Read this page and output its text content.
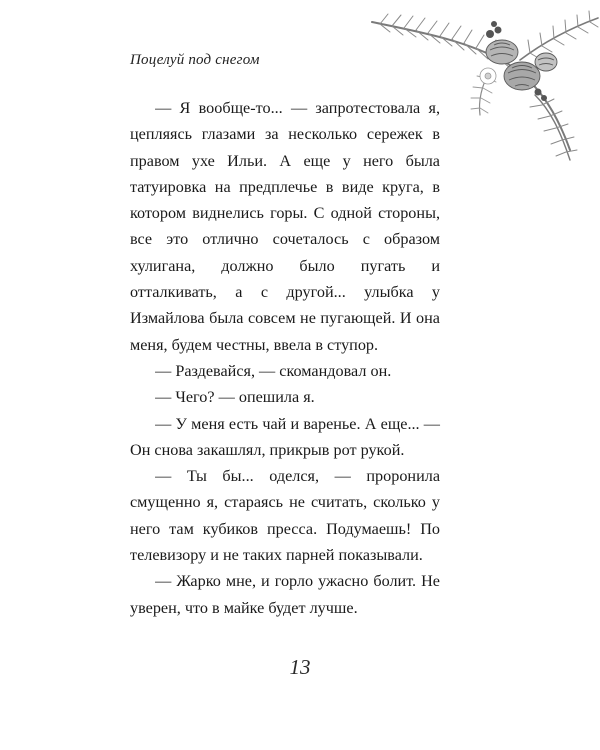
Поцелуй под снегом

— Я вообще-то... — запротестовала я, цепляясь глазами за несколько сережек в правом ухе Ильи. А еще у него была татуировка на предплечье в виде круга, в котором виднелись горы. С одной стороны, все это отлично сочеталось с образом хулигана, должно было пугать и отталкивать, а с другой... улыбка у Измайлова была совсем не пугающей. И она меня, будем честны, ввела в ступор.

— Раздевайся, — скомандовал он.

— Чего? — опешила я.

— У меня есть чай и варенье. А еще... — Он снова закашлял, прикрыв рот рукой.

— Ты бы... оделся, — проронила смущенно я, стараясь не считать, сколько у него там кубиков пресса. Подумаешь! По телевизору и не таких парней показывали.

— Жарко мне, и горло ужасно болит. Не уверен, что в майке будет лучше.

13
